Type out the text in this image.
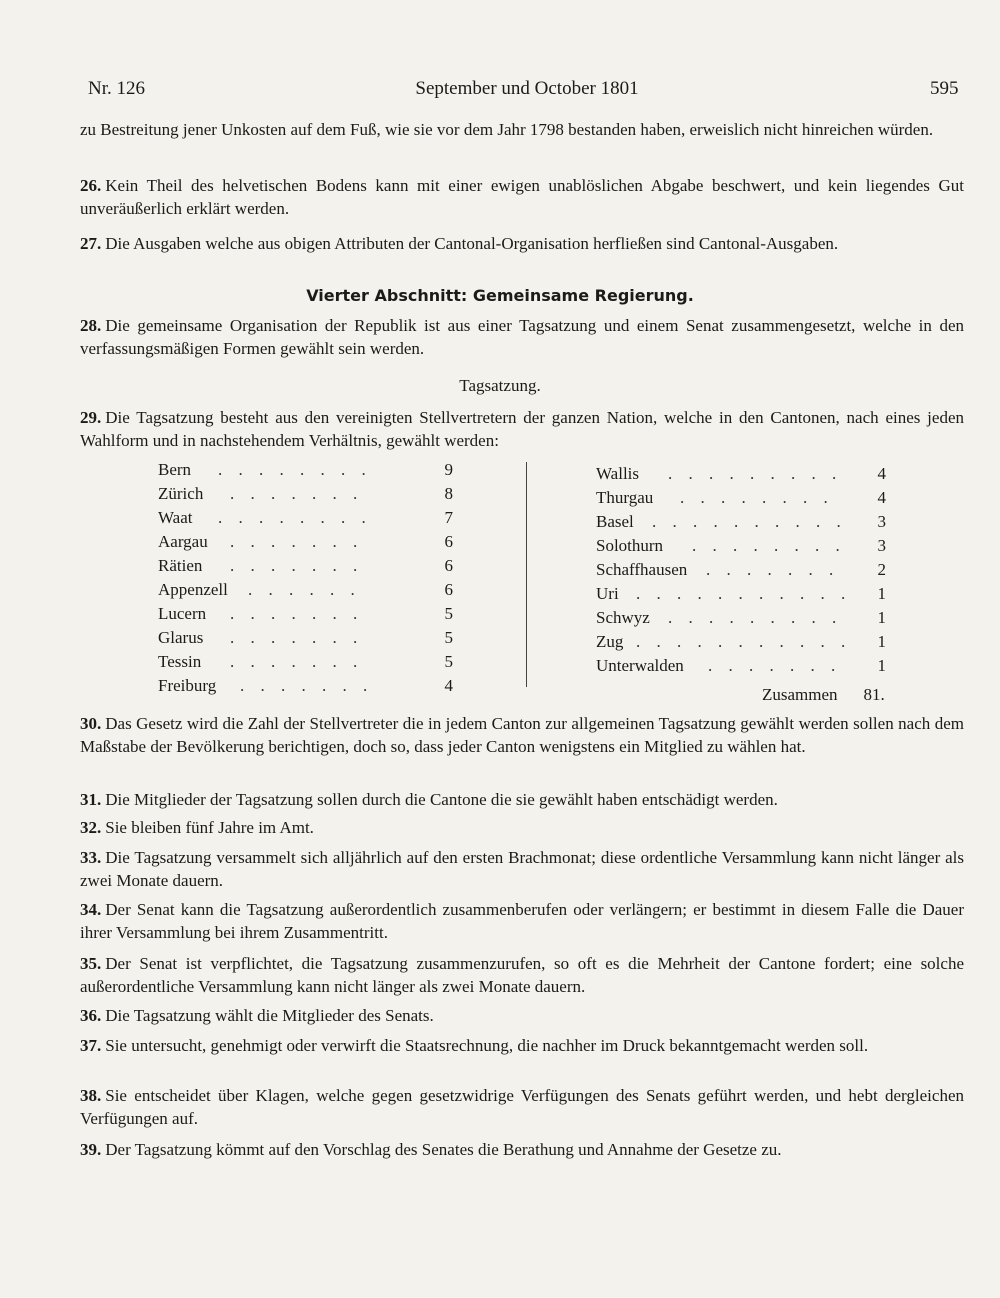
Nr. 126	September und October 1801	595
zu Bestreitung jener Unkosten auf dem Fuß, wie sie vor dem Jahr 1798 bestanden haben, erweislich nicht hinreichen würden.
26. Kein Theil des helvetischen Bodens kann mit einer ewigen unablöslichen Abgabe beschwert, und kein liegendes Gut unveräußerlich erklärt werden.
27. Die Ausgaben welche aus obigen Attributen der Cantonal-Organisation herfließen sind Cantonal-Ausgaben.
Vierter Abschnitt: Gemeinsame Regierung.
28. Die gemeinsame Organisation der Republik ist aus einer Tagsatzung und einem Senat zusammengesetzt, welche in den verfassungsmäßigen Formen gewählt sein werden.
Tagsatzung.
29. Die Tagsatzung besteht aus den vereinigten Stellvertretern der ganzen Nation, welche in den Cantonen, nach eines jeden Wahlform und in nachstehendem Verhältnis, gewählt werden:
Bern . . . . . . . .	9
Zürich . . . . . . .	8
Waat . . . . . . . .	7
Aargau . . . . . . .	6
Rätien . . . . . . .	6
Appenzell . . . . . .	6
Lucern . . . . . . .	5
Glarus . . . . . . .	5
Tessin . . . . . . .	5
Freiburg . . . . . . .	4
Wallis . . . . . . . . .	4
Thurgau . . . . . . . .	4
Basel . . . . . . . . . .	3
Solothurn . . . . . . . .	3
Schaffhausen . . . . . . .	2
Uri . . . . . . . . . . .	1
Schwyz . . . . . . . . .	1
Zug . . . . . . . . . . .	1
Unterwalden . . . . . . .	1
Zusammen 81.
30. Das Gesetz wird die Zahl der Stellvertreter die in jedem Canton zur allgemeinen Tagsatzung gewählt werden sollen nach dem Maßstabe der Bevölkerung berichtigen, doch so, dass jeder Canton wenigstens ein Mitglied zu wählen hat.
31. Die Mitglieder der Tagsatzung sollen durch die Cantone die sie gewählt haben entschädigt werden.
32. Sie bleiben fünf Jahre im Amt.
33. Die Tagsatzung versammelt sich alljährlich auf den ersten Brachmonat; diese ordentliche Versammlung kann nicht länger als zwei Monate dauern.
34. Der Senat kann die Tagsatzung außerordentlich zusammenberufen oder verlängern; er bestimmt in diesem Falle die Dauer ihrer Versammlung bei ihrem Zusammentritt.
35. Der Senat ist verpflichtet, die Tagsatzung zusammenzurufen, so oft es die Mehrheit der Cantone fordert; eine solche außerordentliche Versammlung kann nicht länger als zwei Monate dauern.
36. Die Tagsatzung wählt die Mitglieder des Senats.
37. Sie untersucht, genehmigt oder verwirft die Staatsrechnung, die nachher im Druck bekanntgemacht werden soll.
38. Sie entscheidet über Klagen, welche gegen gesetzwidrige Verfügungen des Senats geführt werden, und hebt dergleichen Verfügungen auf.
39. Der Tagsatzung kömmt auf den Vorschlag des Senates die Berathung und Annahme der Gesetze zu.
